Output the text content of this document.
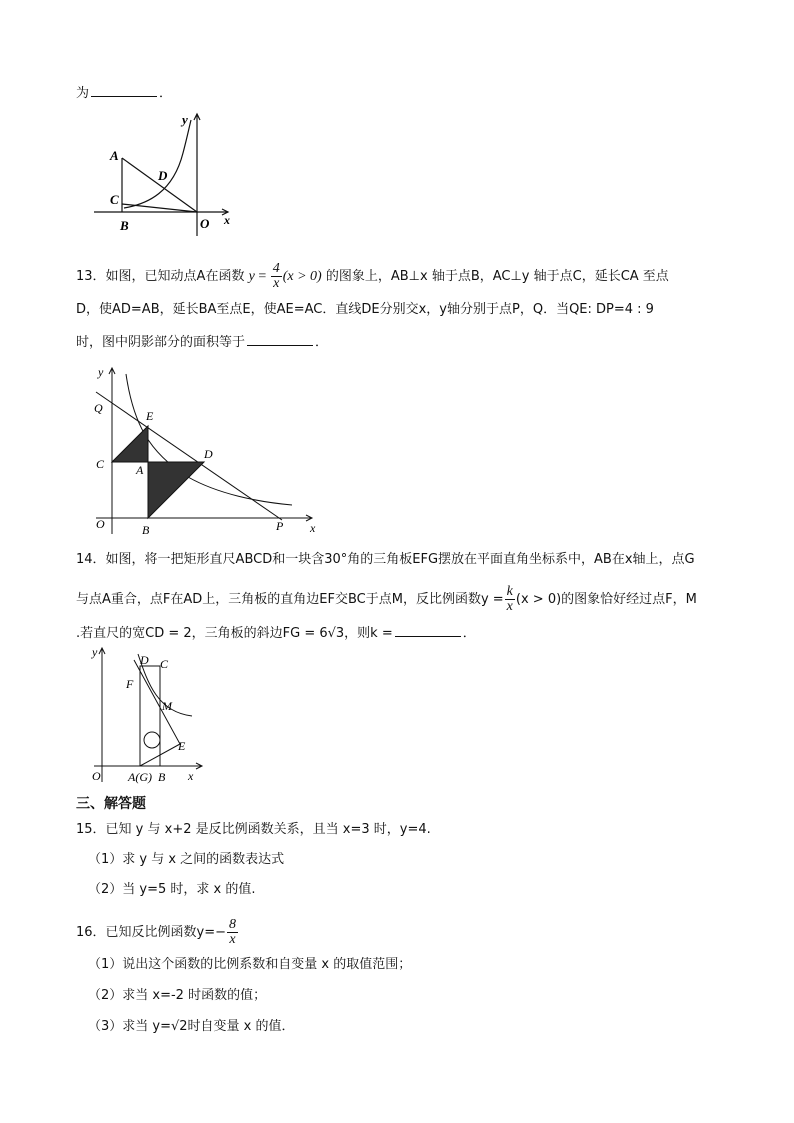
为	．
y
A
D
C
B	O x
13．如图，已知动点A在函数 $y = \frac{4}{x} (x > 0)$ 的图象上，AB⊥x 轴于点B，AC⊥y 轴于点C，延长CA 至点
D，使AD=AB，延长BA至点E，使AE=AC．直线DE分别交x，y轴分别于点P，Q．当QE: DP=4 : 9
时，图中阴影部分的面积等于	．
y
Q
E
D
C	A
O	B	P x
14．如图，将一把矩形直尺ABCD和一块含30°角的三角板EFG摆放在平面直角坐标系中，AB在x轴上，点G
与点A重合，点F在AD上，三角板的直角边EF交BC于点M，反比例函数$y = \frac{k}{x} (x > 0)$的图象恰好经过点F，M
.若直尺的宽CD = 2，三角板的斜边FG = 6√3，则k =	．
y
D C
F
M
E
O A(G) B x
三、解答题
15．已知 y 与 x+2 是反比例函数关系，且当 x=3 时，y=4.
（1）求 y 与 x 之间的函数表达式
（2）当 y=5 时，求 x 的值.
16．已知反比例函数$y=- \frac{8}{x}$
（1）说出这个函数的比例系数和自变量 x 的取值范围；
（2）求当 x=-2 时函数的值；
（3）求当 y=√2时自变量 x 的值．
